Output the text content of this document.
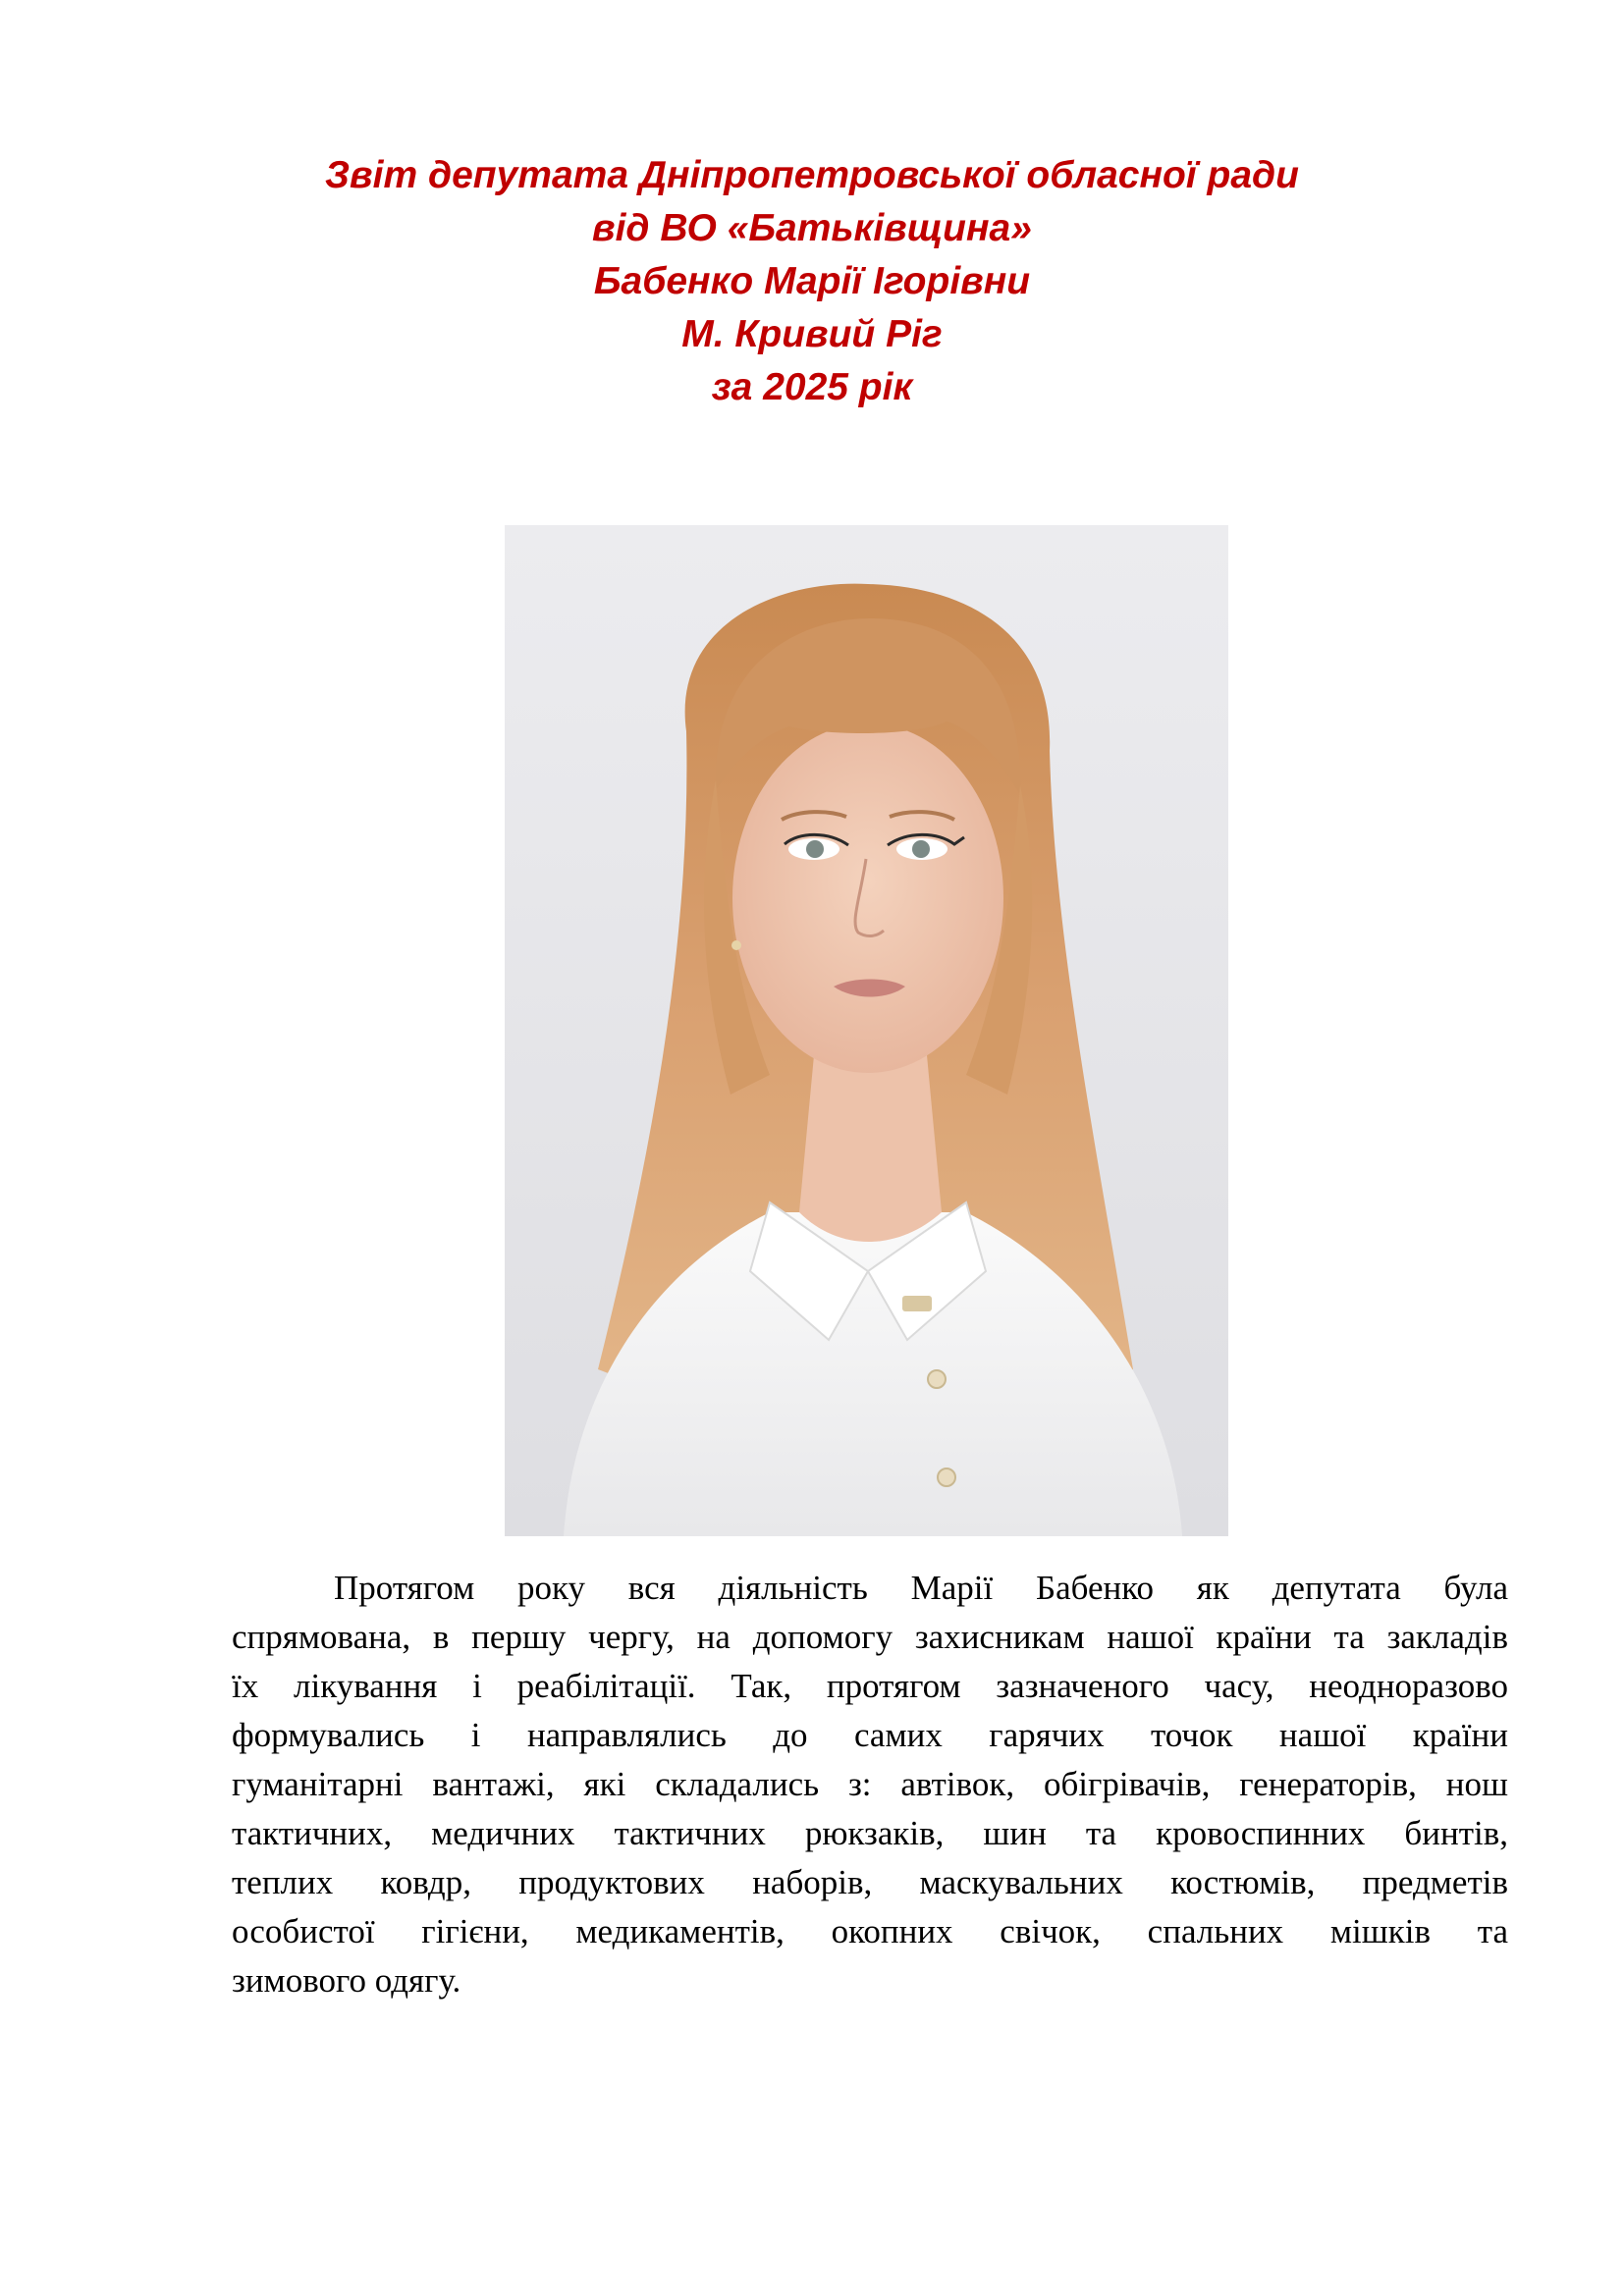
Звіт депутата Дніпропетровської обласної ради
від ВО «Батьківщина»
Бабенко Марії Ігорівни
М. Кривий Ріг
за 2025 рік
Протягом року вся діяльність Марії Бабенко як депутата була
спрямована, в першу чергу, на допомогу захисникам нашої країни та закладів
їх лікування і реабілітації. Так, протягом зазначеного часу, неодноразово
формувались і направлялись до самих гарячих точок нашої країни
гуманітарні вантажі, які складались з: автівок, обігрівачів, генераторів, нош
тактичних, медичних тактичних рюкзаків, шин та кровоспинних бинтів,
теплих ковдр, продуктових наборів, маскувальних костюмів, предметів
особистої гігієни, медикаментів, окопних свічок, спальних мішків та
зимового одягу.
